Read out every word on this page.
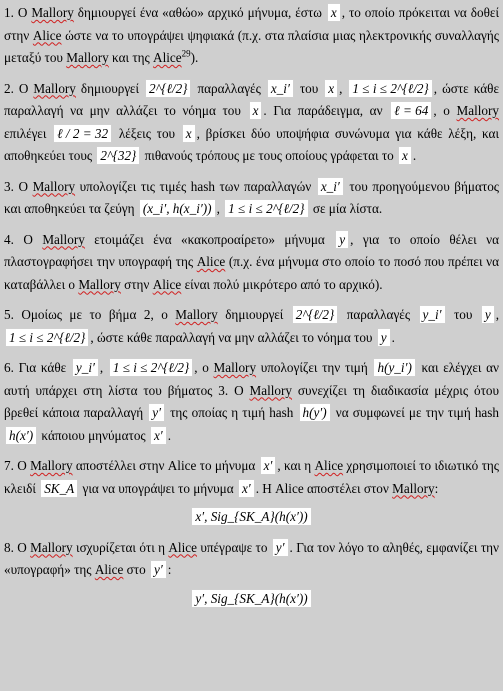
1. Ο Mallory δημιουργεί ένα «αθώο» αρχικό μήνυμα, έστω x , το οποίο πρόκειται να δοθεί στην Alice ώστε να το υπογράψει ψηφιακά (π.χ. στα πλαίσια μιας ηλεκτρονικής συναλλαγής μεταξύ του Mallory και της Alice$^{29}$).

2. Ο Mallory δημιουργεί 2^{ℓ/2} παραλλαγές x_i′ του x , 1 ≤ i ≤ 2^{ℓ/2} , ώστε κάθε παραλλαγή να μην αλλάζει το νόημα του x . Για παράδειγμα, αν ℓ = 64 , ο Mallory επιλέγει ℓ / 2 = 32 λέξεις του x , βρίσκει δύο υποψήφια συνώνυμα για κάθε λέξη, και αποθηκεύει τους 2^{32} πιθανούς τρόπους με τους οποίους γράφεται το x .

3. Ο Mallory υπολογίζει τις τιμές hash των παραλλαγών x_i′ του προηγούμενου βήματος και αποθηκεύει τα ζεύγη (x_i′, h(x_i′)) , 1 ≤ i ≤ 2^{ℓ/2} σε μία λίστα.

4. Ο Mallory ετοιμάζει ένα «κακοπροαίρετο» μήνυμα y , για το οποίο θέλει να πλαστογραφήσει την υπογραφή της Alice (π.χ. ένα μήνυμα στο οποίο το ποσό που πρέπει να καταβάλλει ο Mallory στην Alice είναι πολύ μικρότερο από το αρχικό).

5. Ομοίως με το βήμα 2, ο Mallory δημιουργεί 2^{ℓ/2} παραλλαγές y_i′ του y , 1 ≤ i ≤ 2^{ℓ/2} , ώστε κάθε παραλλαγή να μην αλλάζει το νόημα του y .

6. Για κάθε y_i′ , 1 ≤ i ≤ 2^{ℓ/2} , ο Mallory υπολογίζει την τιμή h(y_i′) και ελέγχει αν αυτή υπάρχει στη λίστα του βήματος 3. Ο Mallory συνεχίζει τη διαδικασία μέχρις ότου βρεθεί κάποια παραλλαγή y′ της οποίας η τιμή hash h(y′) να συμφωνεί με την τιμή hash h(x′) κάποιου μηνύματος x′ .

7. Ο Mallory αποστέλλει στην Alice το μήνυμα x′ , και η Alice χρησιμοποιεί το ιδιωτικό της κλειδί SK_A για να υπογράψει το μήνυμα x′ . Η Alice αποστέλει στον Mallory:
x′, Sig_{SK_A}(h(x′))

8. Ο Mallory ισχυρίζεται ότι η Alice υπέγραψε το y′ . Για τον λόγο το αληθές, εμφανίζει την «υπογραφή» της Alice στο y′ :
y′, Sig_{SK_A}(h(x′))
